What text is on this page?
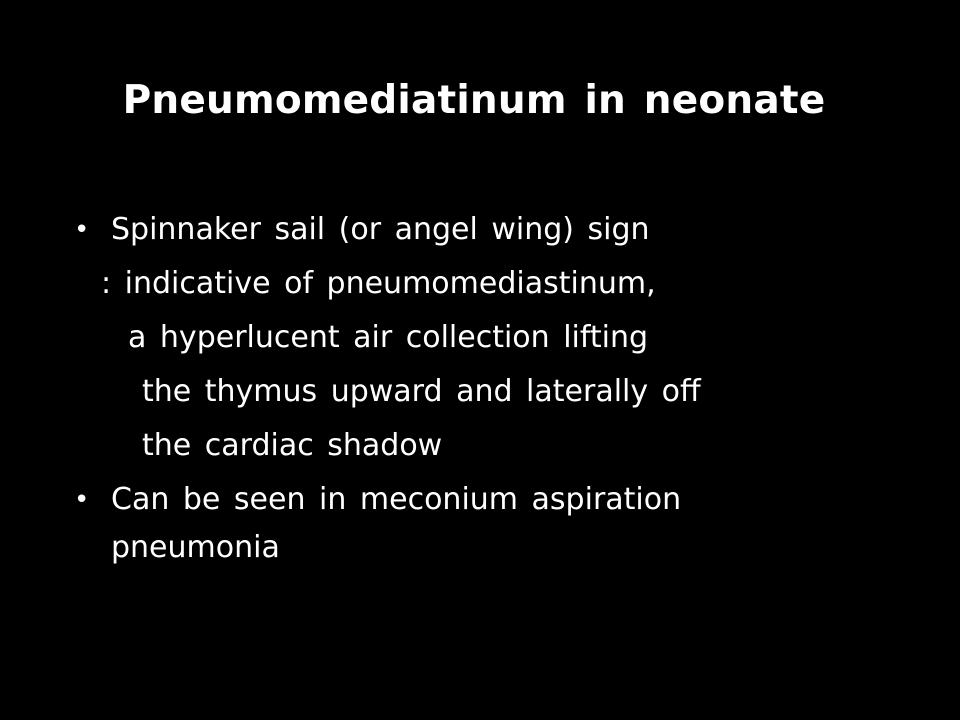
Pneumomediatinum in neonate
• Spinnaker sail (or angel wing) sign
: indicative of pneumomediastinum,
a hyperlucent air collection lifting
the thymus upward and laterally off
the cardiac shadow
• Can be seen in meconium aspiration
pneumonia
